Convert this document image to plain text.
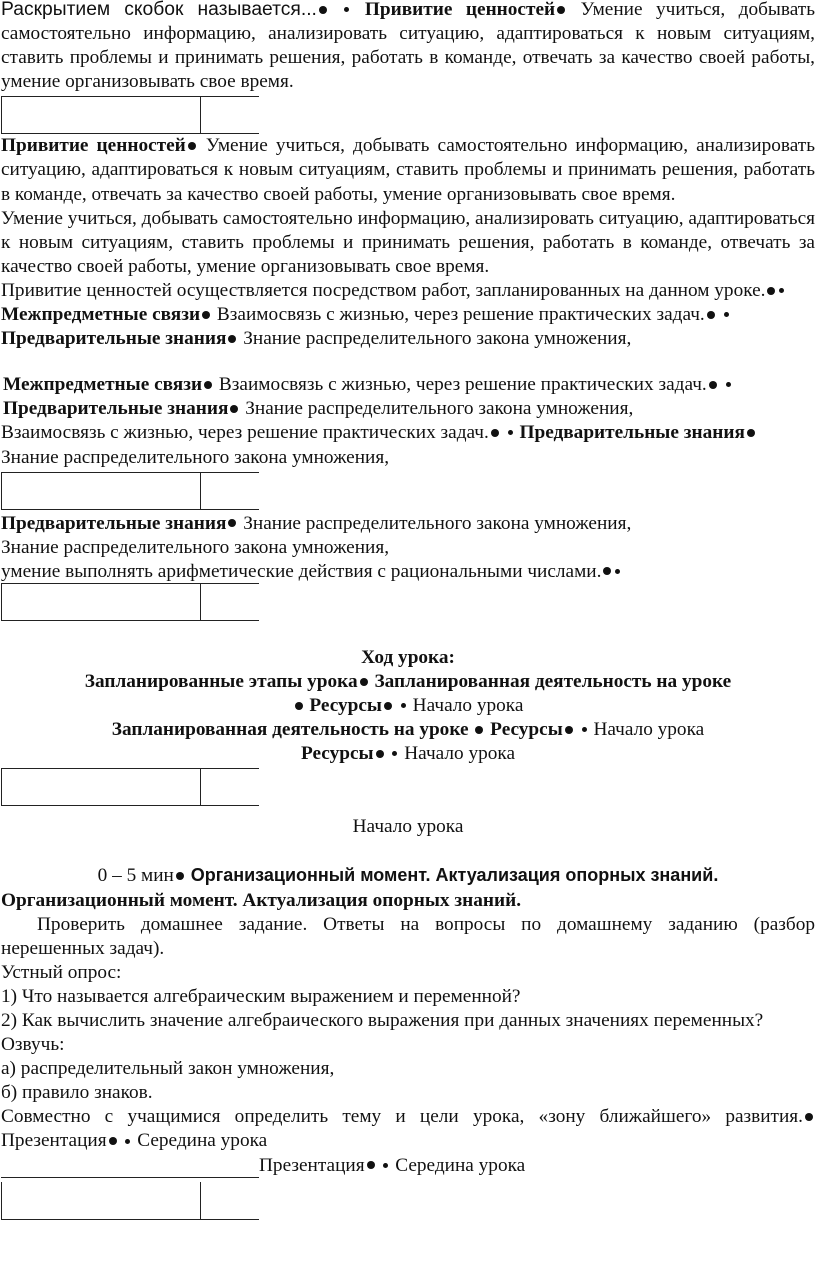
Раскрытием скобок называется... Привитие ценностей Умение учиться, добывать самостоятельно информацию, анализировать ситуацию, адаптироваться к новым ситуациям, ставить проблемы и принимать решения, работать в команде, отвечать за качество своей работы, умение организовывать свое время.

Привитие ценностей Умение учиться, добывать самостоятельно информацию, анализировать ситуацию, адаптироваться к новым ситуациям, ставить проблемы и принимать решения, работать в команде, отвечать за качество своей работы, умение организовывать свое время.

Умение учиться, добывать самостоятельно информацию, анализировать ситуацию, адаптироваться к новым ситуациям, ставить проблемы и принимать решения, работать в команде, отвечать за качество своей работы, умение организовывать свое время.

Привитие ценностей осуществляется посредством работ, запланированных на данном уроке. Межпредметные связи Взаимосвязь с жизнью, через решение практических задач.  Предварительные знания Знание распределительного закона умножения,

Межпредметные связи Взаимосвязь с жизнью, через решение практических задач.  Предварительные знания Знание распределительного закона умножения,

Взаимосвязь с жизнью, через решение практических задач. Предварительные знания Знание распределительного закона умножения,

Предварительные знания Знание распределительного закона умножения,

Знание распределительного закона умножения,

умение выполнять арифметические действия с рациональными числами.

Ход урока:

Запланированные этапы урока Запланированная деятельность на уроке

Ресурсы Начало урока

Запланированная деятельность на уроке Ресурсы Начало урока

Ресурсы Начало урока

Начало урока

0 – 5 мин Организационный момент. Актуализация опорных знаний.

Организационный момент. Актуализация опорных знаний.

Проверить домашнее задание. Ответы на вопросы по домашнему заданию (разбор нерешенных задач).

Устный опрос:

1) Что называется алгебраическим выражением и переменной?

2) Как вычислить значение алгебраического выражения при данных значениях переменных?

Озвучь:

а) распределительный закон умножения,

б) правило знаков.

Совместно с учащимися определить тему и цели урока, «зону ближайшего» развития. Презентация Середина урока

Презентация Середина урока
